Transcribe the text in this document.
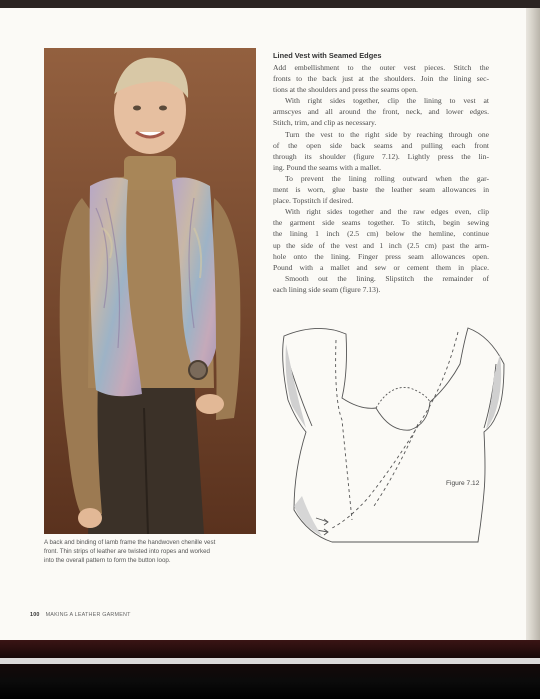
A back and binding of lamb frame the handwoven chenille vest
front. Thin strips of leather are twisted into ropes and worked
into the overall pattern to form the button loop.
Lined Vest with Seamed Edges
Add embellishment to the outer vest pieces. Stitch the
fronts to the back just at the shoulders. Join the lining sec-
tions at the shoulders and press the seams open.
With right sides together, clip the lining to vest at
armscyes and all around the front, neck, and lower edges.
Stitch, trim, and clip as necessary.
Turn the vest to the right side by reaching through one
of the open side back seams and pulling each front
through its shoulder (figure 7.12). Lightly press the lin-
ing. Pound the seams with a mallet.
To prevent the lining rolling outward when the gar-
ment is worn, glue baste the leather seam allowances in
place. Topstitch if desired.
With right sides together and the raw edges even, clip
the garment side seams together. To stitch, begin sewing
the lining 1 inch (2.5 cm) below the hemline, continue
up the side of the vest and 1 inch (2.5 cm) past the arm-
hole onto the lining. Finger press seam allowances open.
Pound with a mallet and sew or cement them in place.
Smooth out the lining. Slipstitch the remainder of
each lining side seam (figure 7.13).
Figure 7.12
100 MAKING A LEATHER GARMENT
